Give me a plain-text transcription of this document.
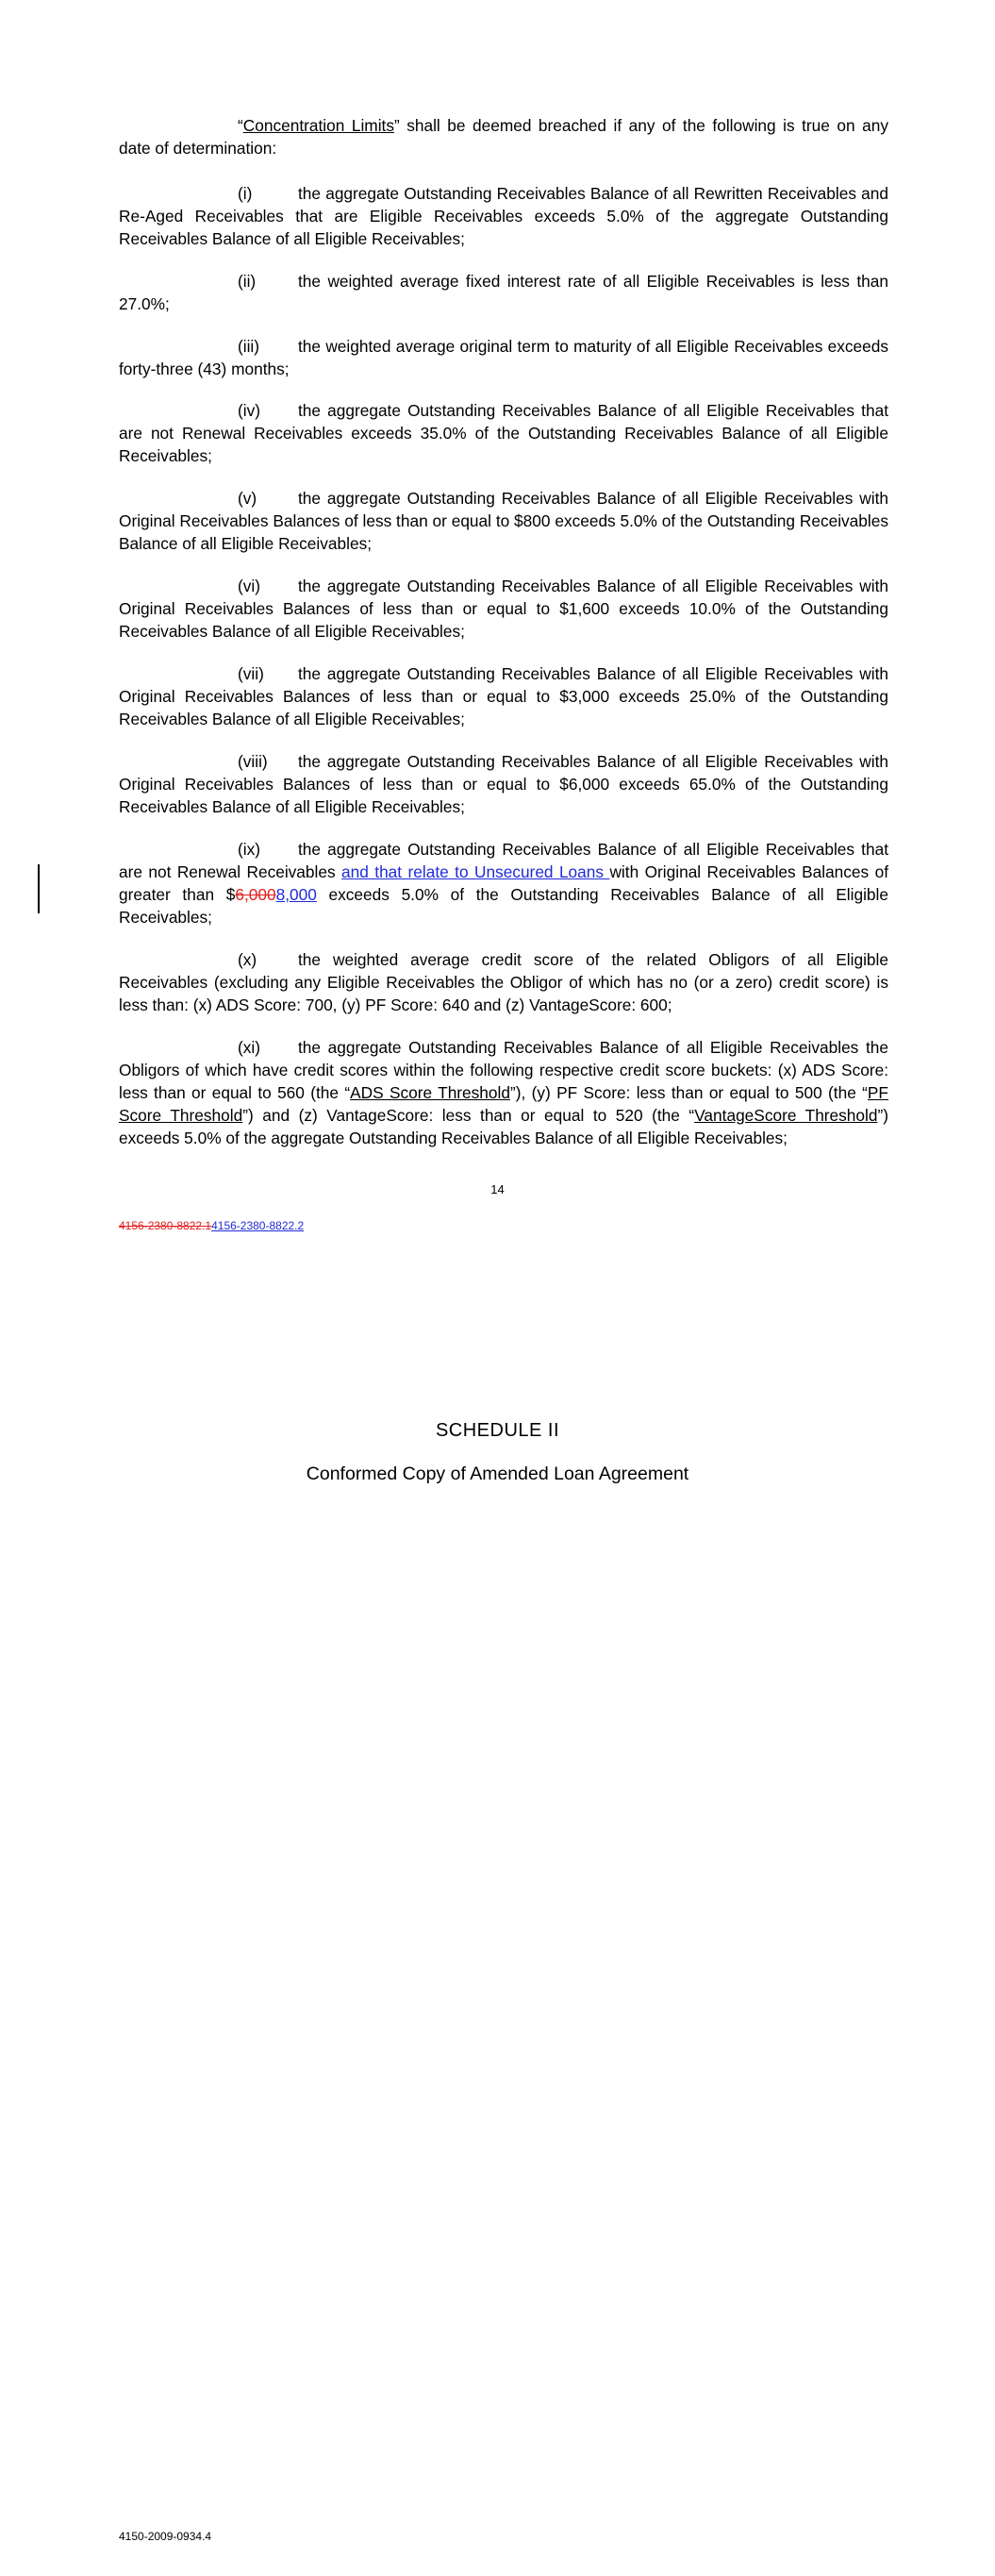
“Concentration Limits” shall be deemed breached if any of the following is true on any date of determination:

(i)	the aggregate Outstanding Receivables Balance of all Rewritten Receivables and Re-Aged Receivables that are Eligible Receivables exceeds 5.0% of the aggregate Outstanding Receivables Balance of all Eligible Receivables;

(ii)	the weighted average fixed interest rate of all Eligible Receivables is less than 27.0%;

(iii) the weighted average original term to maturity of all Eligible Receivables exceeds forty-three (43) months;

(iv) the aggregate Outstanding Receivables Balance of all Eligible Receivables that are not Renewal Receivables exceeds 35.0% of the Outstanding Receivables Balance of all Eligible Receivables;

(v)	the aggregate Outstanding Receivables Balance of all Eligible Receivables with Original Receivables Balances of less than or equal to $800 exceeds 5.0% of the Outstanding Receivables Balance of all Eligible Receivables;

(vi) the aggregate Outstanding Receivables Balance of all Eligible Receivables with Original Receivables Balances of less than or equal to $1,600 exceeds 10.0% of the Outstanding Receivables Balance of all Eligible Receivables;

(vii) the aggregate Outstanding Receivables Balance of all Eligible Receivables with Original Receivables Balances of less than or equal to $3,000 exceeds 25.0% of the Outstanding Receivables Balance of all Eligible Receivables;

(viii) the aggregate Outstanding Receivables Balance of all Eligible Receivables with Original Receivables Balances of less than or equal to $6,000 exceeds 65.0% of the Outstanding Receivables Balance of all Eligible Receivables;

(ix) the aggregate Outstanding Receivables Balance of all Eligible Receivables that are not Renewal Receivables and that relate to Unsecured Loans with Original Receivables Balances of greater than $6,0008,000 exceeds 5.0% of the Outstanding Receivables Balance of all Eligible Receivables;

(x)	the weighted average credit score of the related Obligors of all Eligible Receivables (excluding any Eligible Receivables the Obligor of which has no (or a zero) credit score) is less than: (x) ADS Score: 700, (y) PF Score: 640 and (z) VantageScore: 600;

(xi) the aggregate Outstanding Receivables Balance of all Eligible Receivables the Obligors of which have credit scores within the following respective credit score buckets: (x) ADS Score: less than or equal to 560 (the “ADS Score Threshold”), (y) PF Score: less than or equal to 500 (the “PF Score Threshold”) and (z) VantageScore: less than or equal to 520 (the “VantageScore Threshold”) exceeds 5.0% of the aggregate Outstanding Receivables Balance of all Eligible Receivables;

14
4156-2380-8822.14156-2380-8822.2
SCHEDULE II
Conformed Copy of Amended Loan Agreement
4150-2009-0934.4
